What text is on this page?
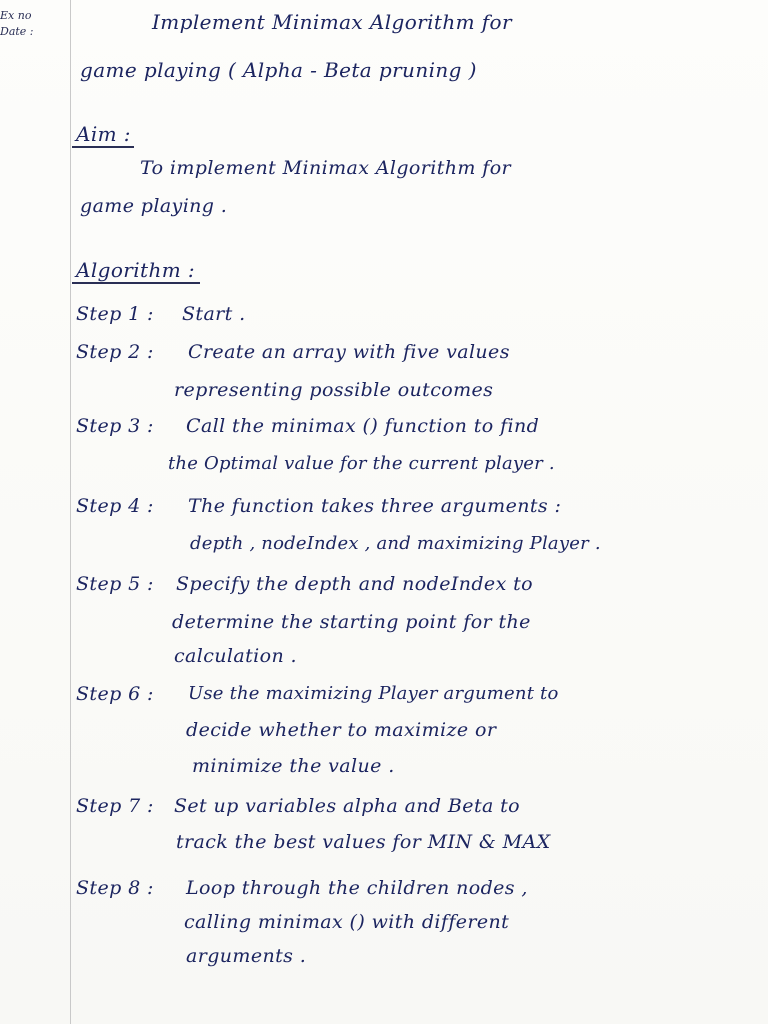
Ex no
Date :	Implement Minimax Algorithm for
game playing ( Alpha - Beta pruning )
Aim :
To implement Minimax Algorithm for
game playing .
Algorithm :
Step 1 : Start .
Step 2 : Create an array with five values
representing possible outcomes
Step 3 : Call the minimax () function to find
the Optimal value for the current player .
Step 4 : The function takes three arguments :
depth , nodeIndex , and maximizing Player .
Step 5 : Specify the depth and nodeIndex to
determine the starting point for the
calculation .
Step 6 : Use the maximizing Player argument to
decide whether to maximize or
minimize the value .
Step 7 : Set up variables alpha and Beta to
track the best values for MIN & MAX
Step 8 : Loop through the children nodes ,
calling minimax () with different
arguments .
